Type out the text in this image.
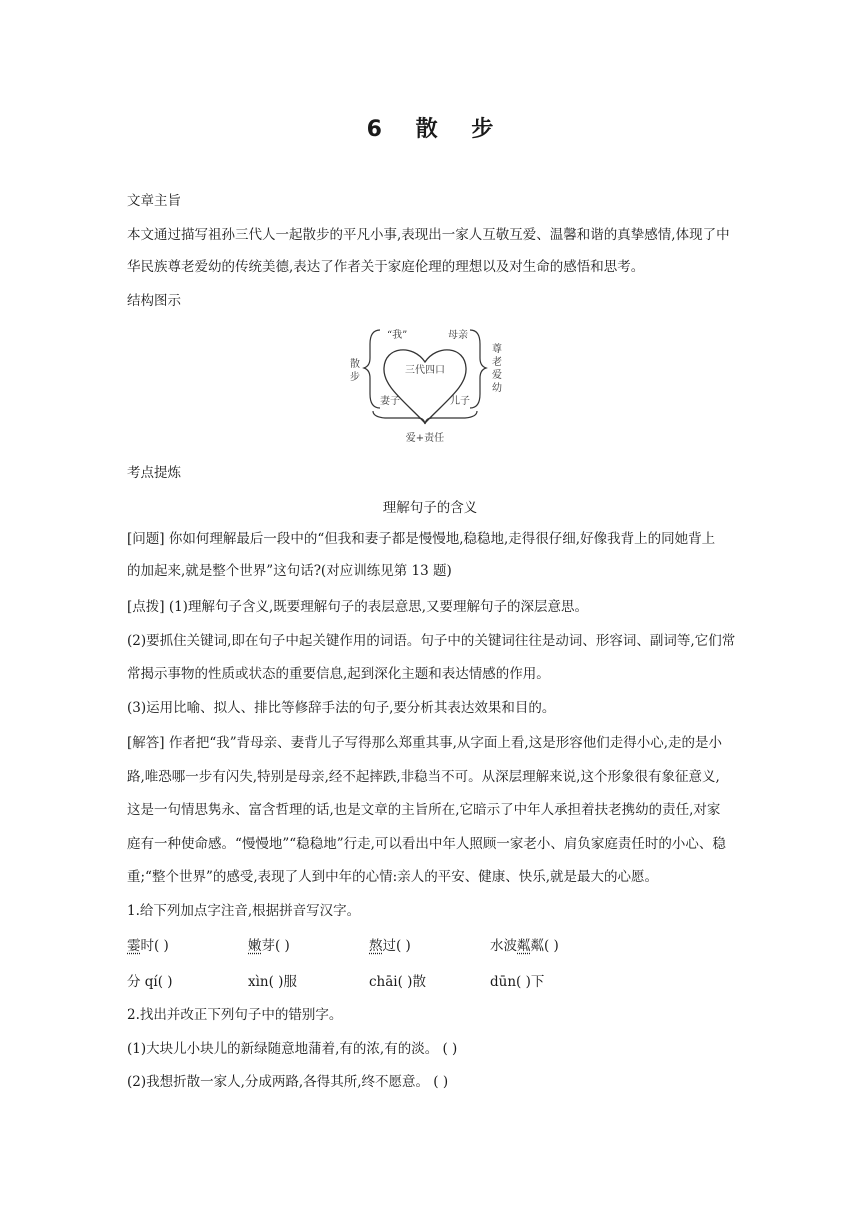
6 散 步
文章主旨
本文通过描写祖孙三代人一起散步的平凡小事,表现出一家人互敬互爱、温馨和谐的真挚感情,体现了中
华民族尊老爱幼的传统美德,表达了作者关于家庭伦理的理想以及对生命的感悟和思考。
结构图示
“我”	母亲
三代四口
妻子	儿子
爱+责任
散 步
尊 老 爱 幼
考点提炼
理解句子的含义
[问题] 你如何理解最后一段中的“但我和妻子都是慢慢地,稳稳地,走得很仔细,好像我背上的同她背上
的加起来,就是整个世界”这句话?(对应训练见第 13 题)
[点拨] (1)理解句子含义,既要理解句子的表层意思,又要理解句子的深层意思。
(2)要抓住关键词,即在句子中起关键作用的词语。句子中的关键词往往是动词、形容词、副词等,它们常
常揭示事物的性质或状态的重要信息,起到深化主题和表达情感的作用。
(3)运用比喻、拟人、排比等修辞手法的句子,要分析其表达效果和目的。
[解答] 作者把“我”背母亲、妻背儿子写得那么郑重其事,从字面上看,这是形容他们走得小心,走的是小
路,唯恐哪一步有闪失,特别是母亲,经不起摔跌,非稳当不可。从深层理解来说,这个形象很有象征意义,
这是一句情思隽永、富含哲理的话,也是文章的主旨所在,它暗示了中年人承担着扶老携幼的责任,对家
庭有一种使命感。“慢慢地”“稳稳地”行走,可以看出中年人照顾一家老小、肩负家庭责任时的小心、稳
重;“整个世界”的感受,表现了人到中年的心情:亲人的平安、健康、快乐,就是最大的心愿。
1.给下列加点字注音,根据拼音写汉字。
霎时( )	嫩芽( )	熬过( )	水波粼粼( )
分 qí( )	xìn( )服	chāi( )散	dūn( )下
2.找出并改正下列句子中的错别字。
(1)大块儿小块儿的新绿随意地蒲着,有的浓,有的淡。 ( )
(2)我想折散一家人,分成两路,各得其所,终不愿意。 ( )
